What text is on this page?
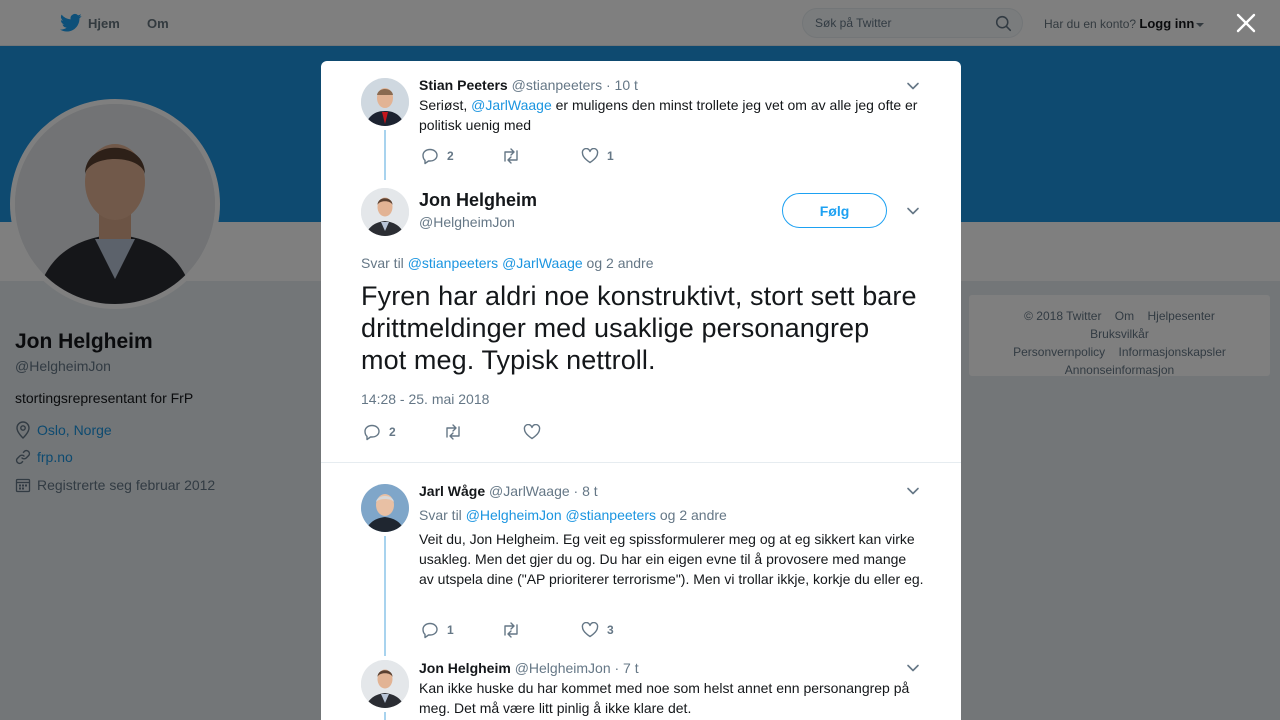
Søk på Twitter

Stian Peeters @stianpeeters · 10 t
Seriøst, @JarlWaage er muligens den minst trollete jeg vet om av alle jeg ofte er politisk uenig med
2	1
Jon Helgheim
@HelgheimJon
Følg
Svar til @stianpeeters @JarlWaage og 2 andre
Fyren har aldri noe konstruktivt, stort sett bare drittmeldinger med usaklige personangrep mot meg. Typisk nettroll.
14:28 - 25. mai 2018
2
Jarl Wåge @JarlWaage · 8 t
Svar til @HelgheimJon @stianpeeters og 2 andre
Veit du, Jon Helgheim. Eg veit eg spissformulerer meg og at eg sikkert kan virke usakleg. Men det gjer du og. Du har ein eigen evne til å provosere med mange av utspela dine ("AP prioriterer terrorisme"). Men vi trollar ikkje, korkje du eller eg.
1	3
Jon Helgheim @HelgheimJon · 7 t
Kan ikke huske du har kommet med noe som helst annet enn personangrep på meg. Det må være litt pinlig å ikke klare det.
